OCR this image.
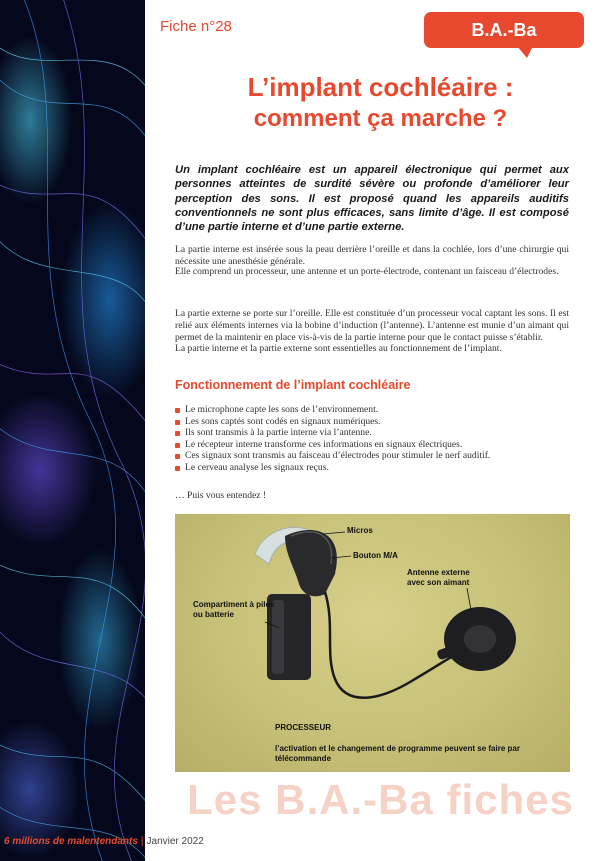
Fiche n°28	B.A.-Ba
L’implant cochléaire :
comment ça marche ?

Un implant cochléaire est un appareil électronique qui permet aux personnes atteintes de surdité sévère ou profonde d’améliorer leur perception des sons. Il est proposé quand les appareils auditifs conventionnels ne sont plus efficaces, sans limite d’âge. Il est composé d’une partie interne et d’une partie externe.

La partie interne est insérée sous la peau derrière l’oreille et dans la cochlée, lors d’une chirurgie qui nécessite une anesthésie générale.

Elle comprend un processeur, une antenne et un porte-électrode, contenant un faisceau d’électrodes.

La partie externe se porte sur l’oreille. Elle est constituée d’un processeur vocal captant les sons. Il est relié aux éléments internes via la bobine d’induction (l’antenne). L’antenne est munie d’un aimant qui permet de la maintenir en place vis-à-vis de la partie interne pour que le contact puisse s’établir.
La partie interne et la partie externe sont essentielles au fonctionnement de l’implant.
Fonctionnement de l’implant cochléaire
Le microphone capte les sons de l’environnement.
Les sons captés sont codés en signaux numériques.
Ils sont transmis à la partie interne via l’antenne.
Le récepteur interne transforme ces informations en signaux électriques.
Ces signaux sont transmis au faisceau d’électrodes pour stimuler le nerf auditif.
Le cerveau analyse les signaux reçus.

… Puis vous entendez !

Micros
Bouton M/A
Antenne externe
avec son aimant
Compartiment à piles
ou batterie
PROCESSEUR
l’activation et le changement de programme peuvent se faire par
télécommande
Les B.A.-Ba fiches
6 millions de malentendants | Janvier 2022
